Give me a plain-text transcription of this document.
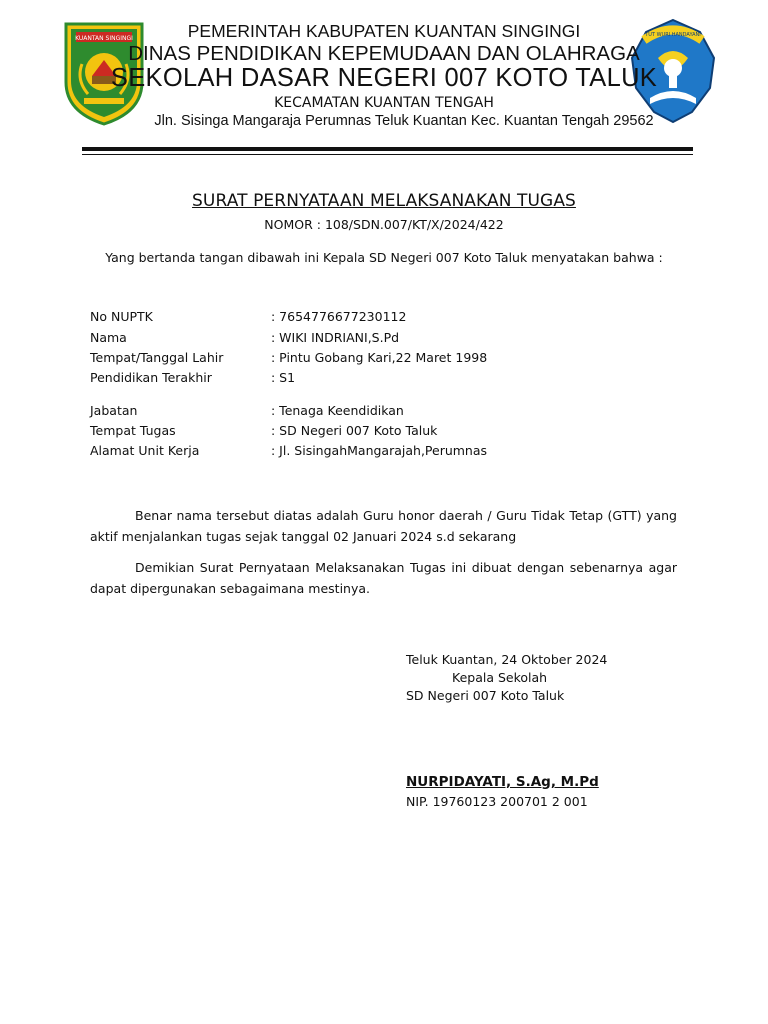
KUANTAN SINGINGI	TUT WURI HANDAYANI
PEMERINTAH KABUPATEN KUANTAN SINGINGI
DINAS PENDIDIKAN KEPEMUDAAN DAN OLAHRAGA
SEKOLAH DASAR NEGERI 007 KOTO TALUK
KECAMATAN KUANTAN TENGAH
Jln. Sisinga Mangaraja Perumnas Teluk Kuantan Kec. Kuantan Tengah 29562
SURAT PERNYATAAN MELAKSANAKAN TUGAS
NOMOR : 108/SDN.007/KT/X/2024/422
Yang bertanda tangan dibawah ini Kepala SD Negeri 007 Koto Taluk menyatakan bahwa :
No NUPTK	: 7654776677230112
Nama	: WIKI INDRIANI,S.Pd
Tempat/Tanggal Lahir	: Pintu Gobang Kari,22 Maret 1998
Pendidikan Terakhir	: S1
Jabatan	: Tenaga Keendidikan
Tempat Tugas	: SD Negeri 007 Koto Taluk
Alamat Unit Kerja	: Jl. SisingahMangarajah,Perumnas
Benar nama tersebut diatas adalah Guru honor daerah / Guru Tidak Tetap (GTT) yang aktif menjalankan tugas sejak tanggal 02 Januari 2024 s.d sekarang
Demikian Surat Pernyataan Melaksanakan Tugas ini dibuat dengan sebenarnya agar dapat dipergunakan sebagaimana mestinya.
Teluk Kuantan, 24 Oktober 2024
Kepala Sekolah
SD Negeri 007 Koto Taluk
NURPIDAYATI, S.Ag, M.Pd
NIP. 19760123 200701 2 001
